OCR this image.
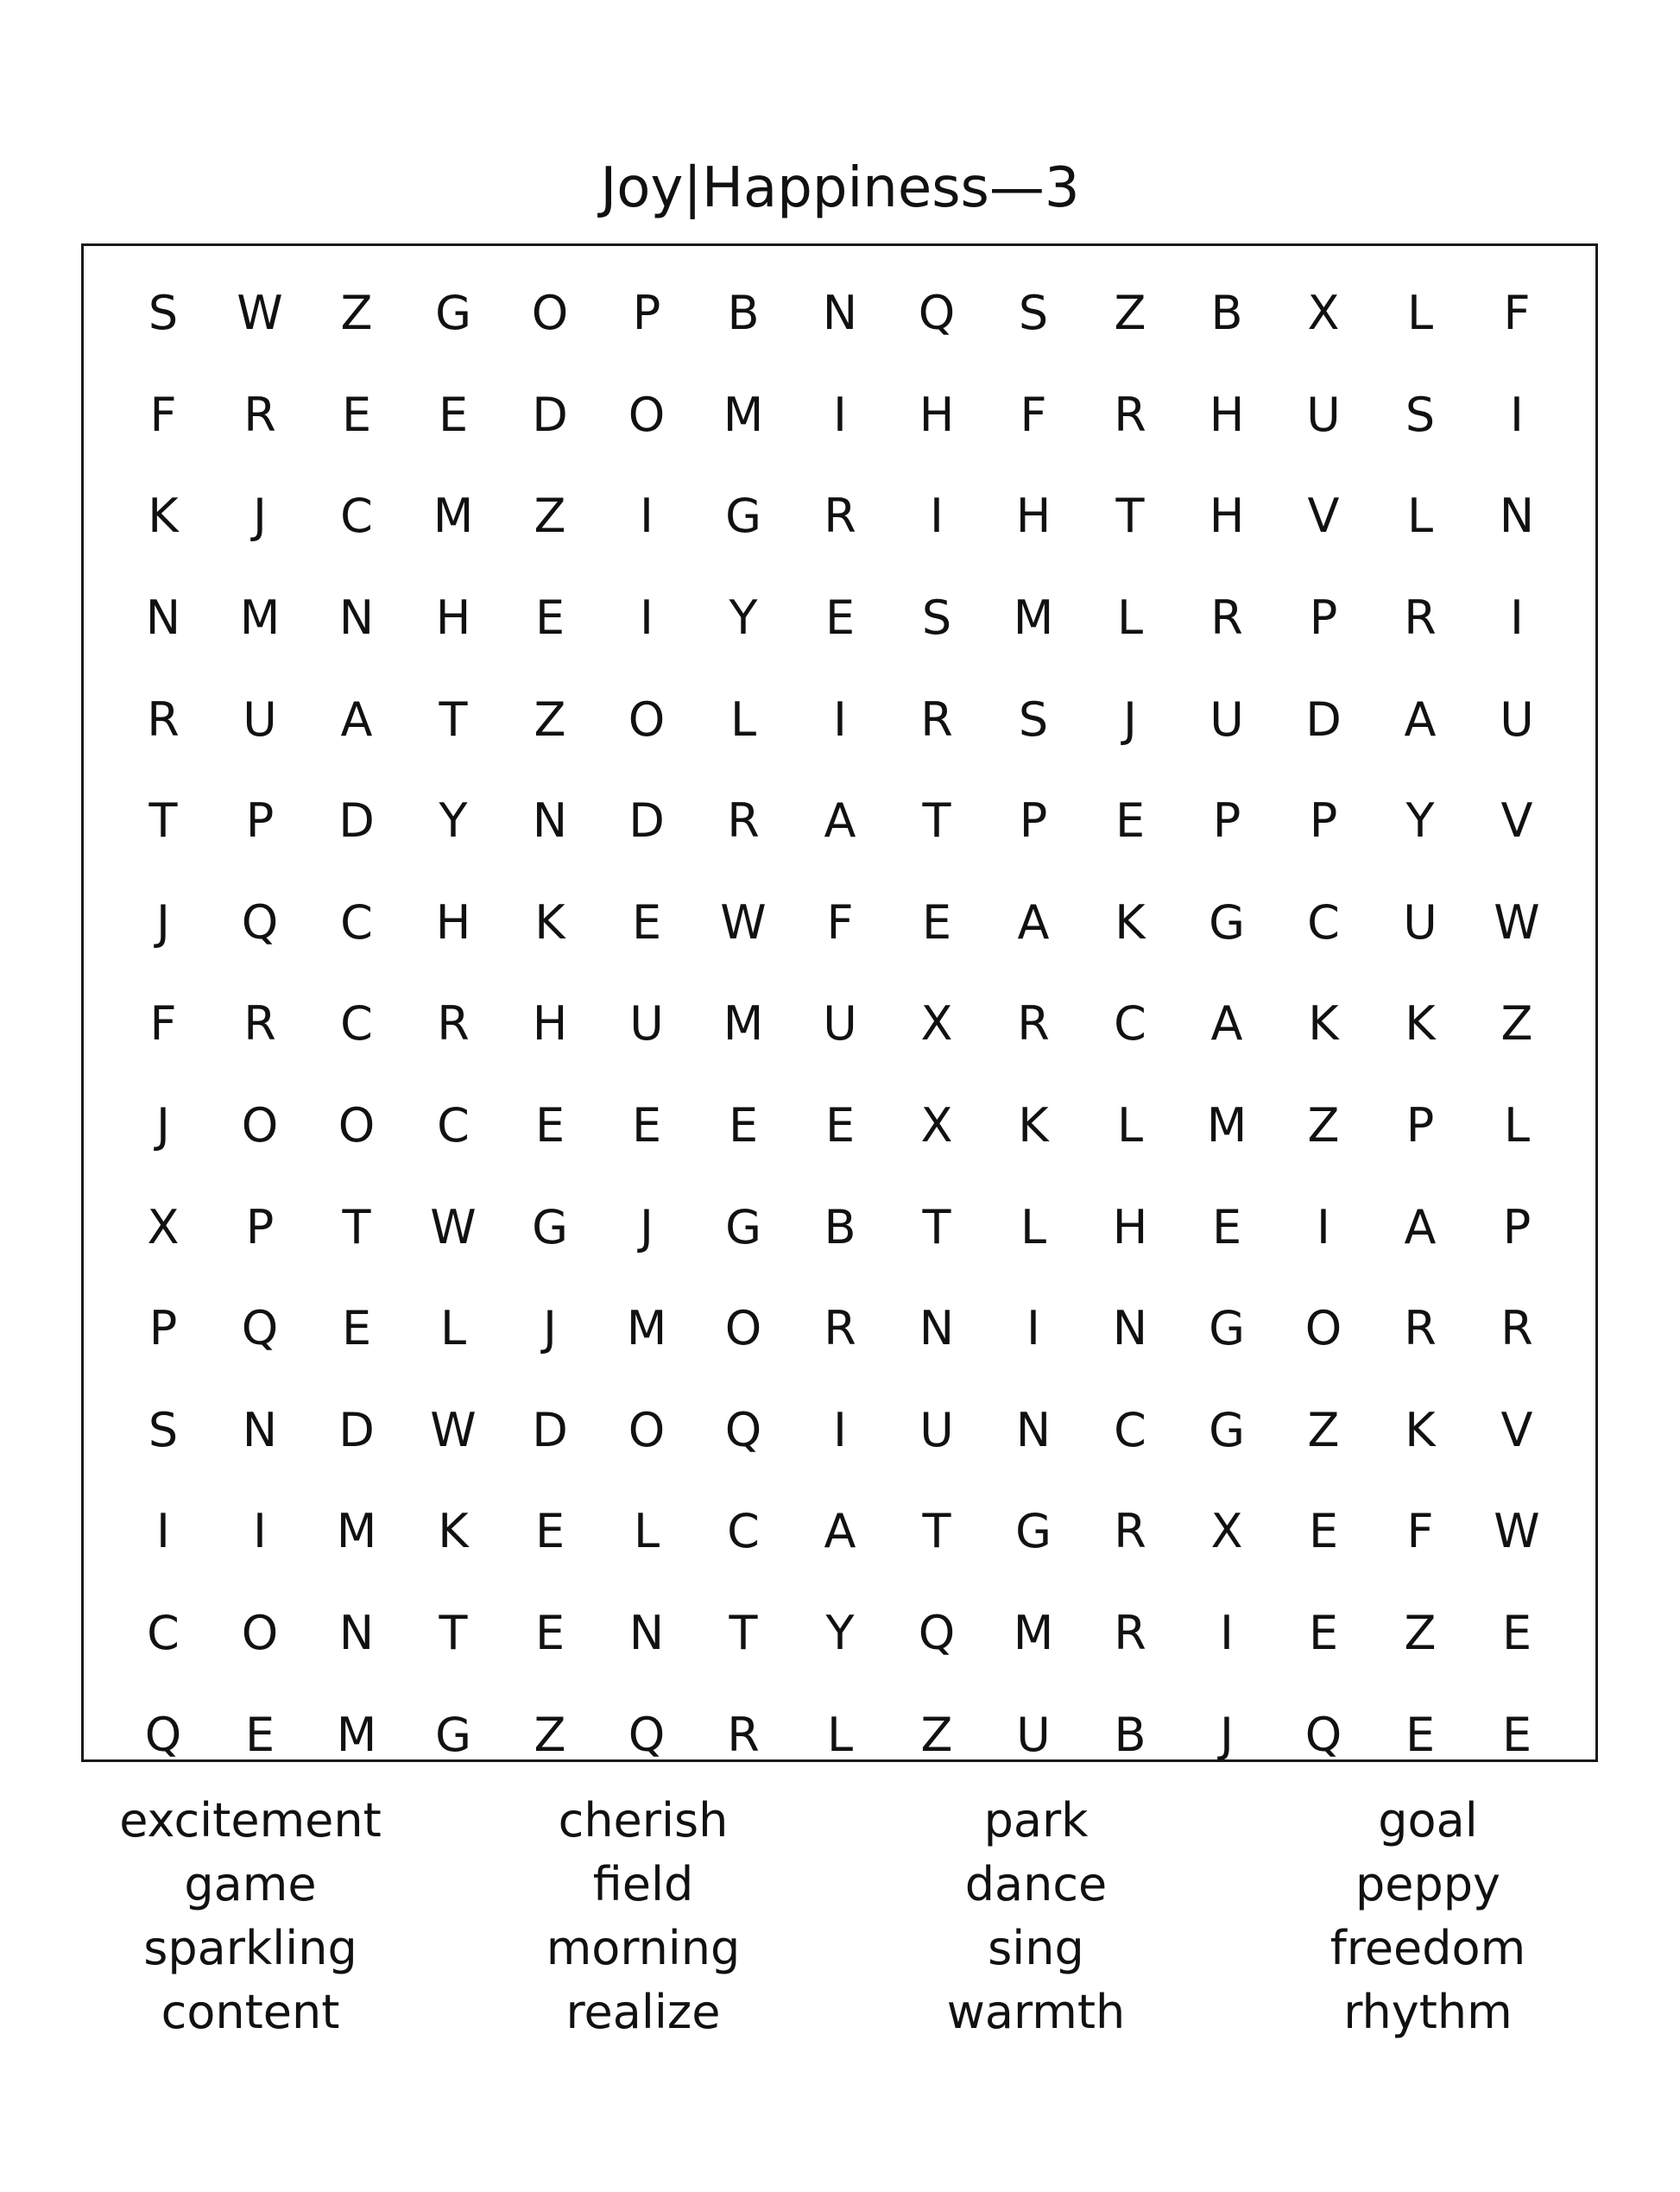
Joy|Happiness—3
S	W	Z	G	O	P	B	N	Q	S	Z	B	X	L	F
F	R	E	E	D	O	M	I	H	F	R	H	U	S	I
K	J	C	M	Z	I	G	R	I	H	T	H	V	L	N
N	M	N	H	E	I	Y	E	S	M	L	R	P	R	I
R	U	A	T	Z	O	L	I	R	S	J	U	D	A	U
T	P	D	Y	N	D	R	A	T	P	E	P	P	Y	V
J	Q	C	H	K	E	W	F	E	A	K	G	C	U	W
F	R	C	R	H	U	M	U	X	R	C	A	K	K	Z
J	O	O	C	E	E	E	E	X	K	L	M	Z	P	L
X	P	T	W	G	J	G	B	T	L	H	E	I	A	P
P	Q	E	L	J	M	O	R	N	I	N	G	O	R	R
S	N	D	W	D	O	Q	I	U	N	C	G	Z	K	V
I	I	M	K	E	L	C	A	T	G	R	X	E	F	W
C	O	N	T	E	N	T	Y	Q	M	R	I	E	Z	E
Q	E	M	G	Z	Q	R	L	Z	U	B	J	Q	E	E
excitement
game
sparkling
content
cherish
field
morning
realize
park
dance
sing
warmth
goal
peppy
freedom
rhythm
